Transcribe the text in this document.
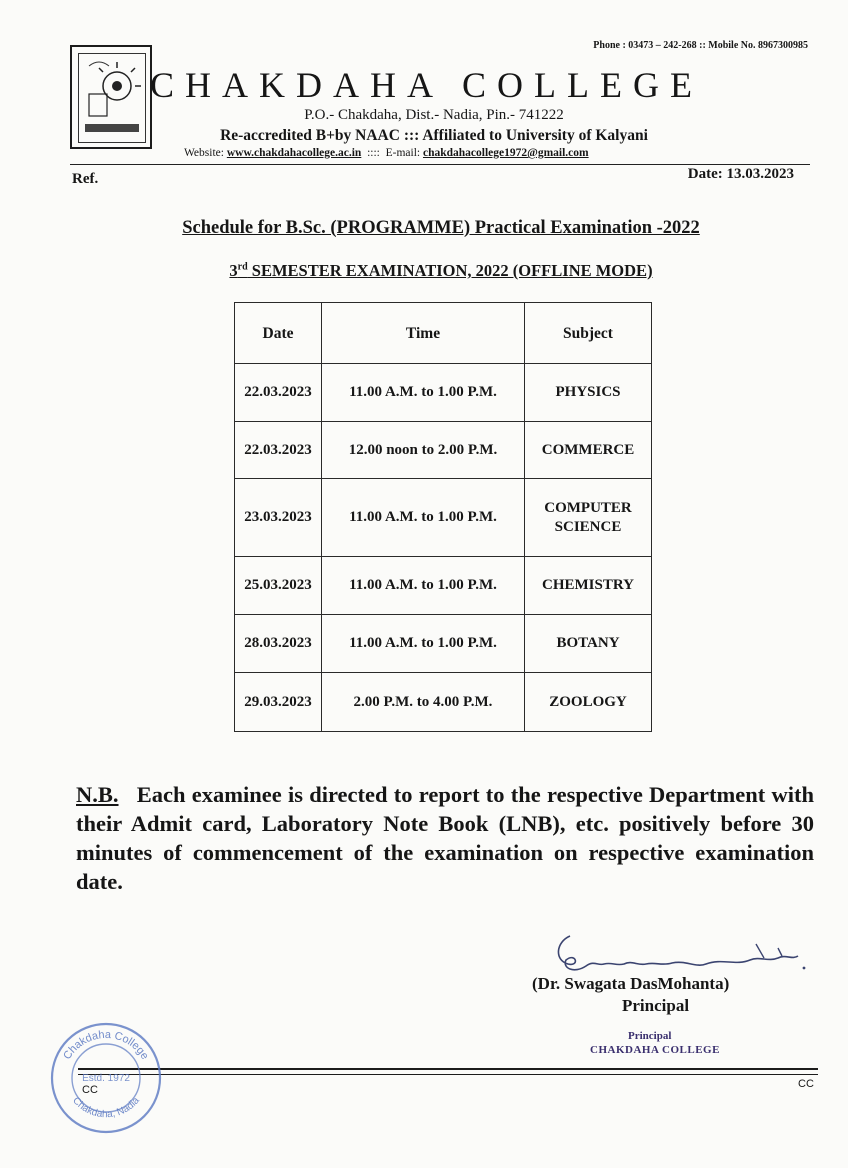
Phone : 03473 – 242-268 :: Mobile No. 8967300985
CHAKDAHA COLLEGE
P.O.- Chakdaha, Dist.- Nadia, Pin.- 741222
Re-accredited B+by NAAC ::: Affiliated to University of Kalyani
Website: www.chakdahacollege.ac.in  ::::  E-mail: chakdahacollege1972@gmail.com
Ref.	Date: 13.03.2023
Schedule for B.Sc. (PROGRAMME) Practical Examination -2022
3rd SEMESTER EXAMINATION, 2022 (OFFLINE MODE)
Date	Time	Subject
22.03.2023	11.00 A.M. to 1.00 P.M.	PHYSICS
22.03.2023	12.00 noon to 2.00 P.M.	COMMERCE
23.03.2023	11.00 A.M. to 1.00 P.M.	COMPUTER SCIENCE
25.03.2023	11.00 A.M. to 1.00 P.M.	CHEMISTRY
28.03.2023	11.00 A.M. to 1.00 P.M.	BOTANY
29.03.2023	2.00 P.M. to 4.00 P.M.	ZOOLOGY
N.B. Each examinee is directed to report to the respective Department with their Admit card, Laboratory Note Book (LNB), etc. positively before 30 minutes of commencement of the examination on respective examination date.
(Dr. Swagata DasMohanta)
Principal
Principal
CHAKDAHA COLLEGE
Chakdaha College
Chakdaha, Nadia
Estd. 1972
CC	CC
